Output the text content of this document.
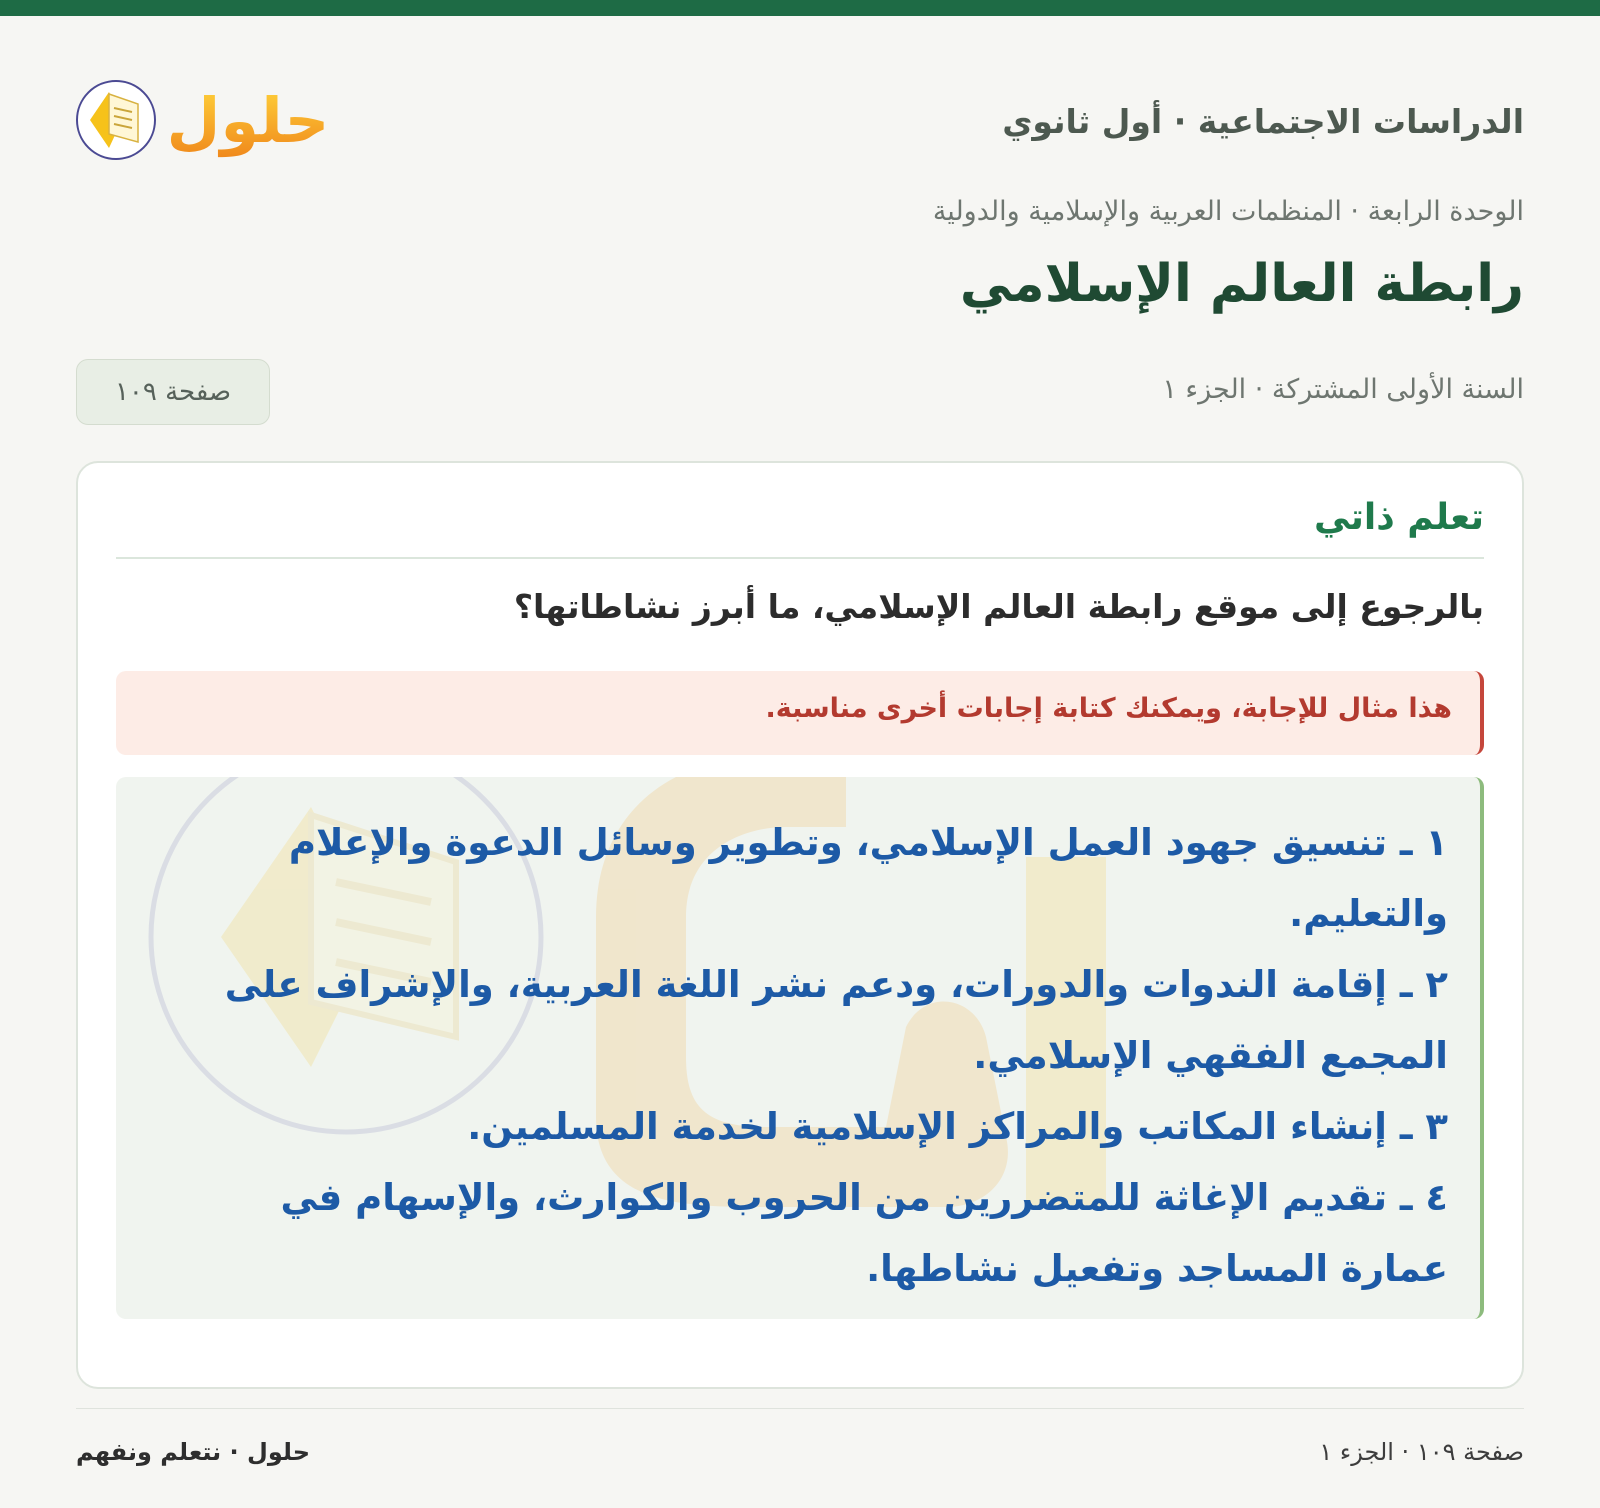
الدراسات الاجتماعية · أول ثانوي
حلول
الوحدة الرابعة · المنظمات العربية والإسلامية والدولية
رابطة العالم الإسلامي
السنة الأولى المشتركة · الجزء ١
صفحة ١٠٩
تعلم ذاتي

بالرجوع إلى موقع رابطة العالم الإسلامي، ما أبرز نشاطاتها؟

هذا مثال للإجابة، ويمكنك كتابة إجابات أخرى مناسبة.
١ ـ تنسيق جهود العمل الإسلامي، وتطوير وسائل الدعوة والإعلام والتعليم.
٢ ـ إقامة الندوات والدورات، ودعم نشر اللغة العربية، والإشراف على المجمع الفقهي الإسلامي.
٣ ـ إنشاء المكاتب والمراكز الإسلامية لخدمة المسلمين.
٤ ـ تقديم الإغاثة للمتضررين من الحروب والكوارث، والإسهام في عمارة المساجد وتفعيل نشاطها.
حلول · نتعلم ونفهم	صفحة ١٠٩ · الجزء ١
